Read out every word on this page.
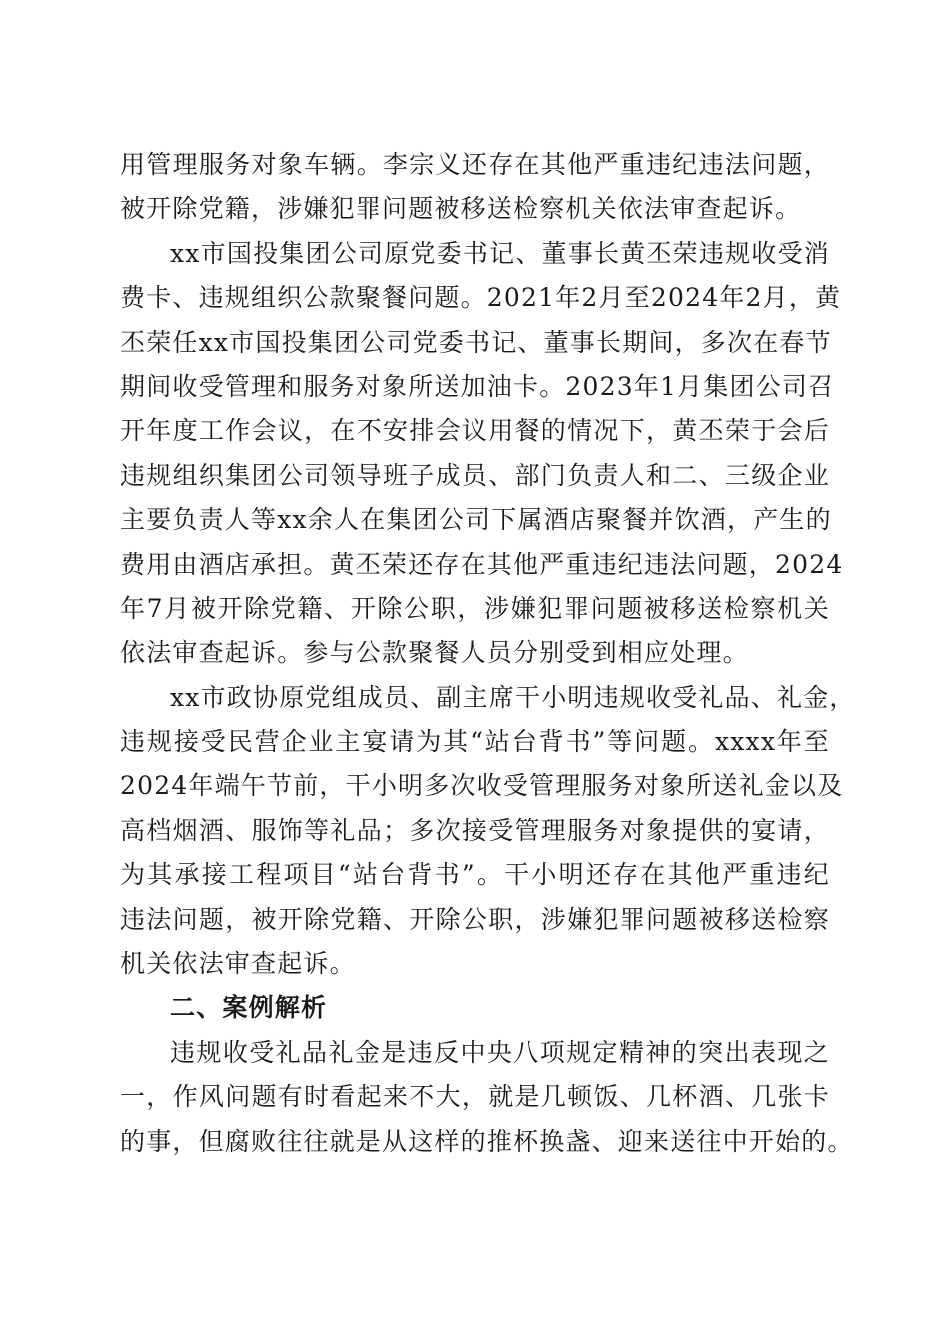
用管理服务对象车辆。李宗义还存在其他严重违纪违法问题，
被开除党籍，涉嫌犯罪问题被移送检察机关依法审查起诉。
xx市国投集团公司原党委书记、董事长黄丕荣违规收受消
费卡、违规组织公款聚餐问题。2021年2月至2024年2月，黄
丕荣任xx市国投集团公司党委书记、董事长期间，多次在春节
期间收受管理和服务对象所送加油卡。2023年1月集团公司召
开年度工作会议，在不安排会议用餐的情况下，黄丕荣于会后
违规组织集团公司领导班子成员、部门负责人和二、三级企业
主要负责人等xx余人在集团公司下属酒店聚餐并饮酒，产生的
费用由酒店承担。黄丕荣还存在其他严重违纪违法问题，2024
年7月被开除党籍、开除公职，涉嫌犯罪问题被移送检察机关
依法审查起诉。参与公款聚餐人员分别受到相应处理。
xx市政协原党组成员、副主席干小明违规收受礼品、礼金，
违规接受民营企业主宴请为其“站台背书”等问题。xxxx年至
2024年端午节前，干小明多次收受管理服务对象所送礼金以及
高档烟酒、服饰等礼品；多次接受管理服务对象提供的宴请，
为其承接工程项目“站台背书”。干小明还存在其他严重违纪
违法问题，被开除党籍、开除公职，涉嫌犯罪问题被移送检察
机关依法审查起诉。
二、案例解析
违规收受礼品礼金是违反中央八项规定精神的突出表现之
一，作风问题有时看起来不大，就是几顿饭、几杯酒、几张卡
的事，但腐败往往就是从这样的推杯换盏、迎来送往中开始的。
